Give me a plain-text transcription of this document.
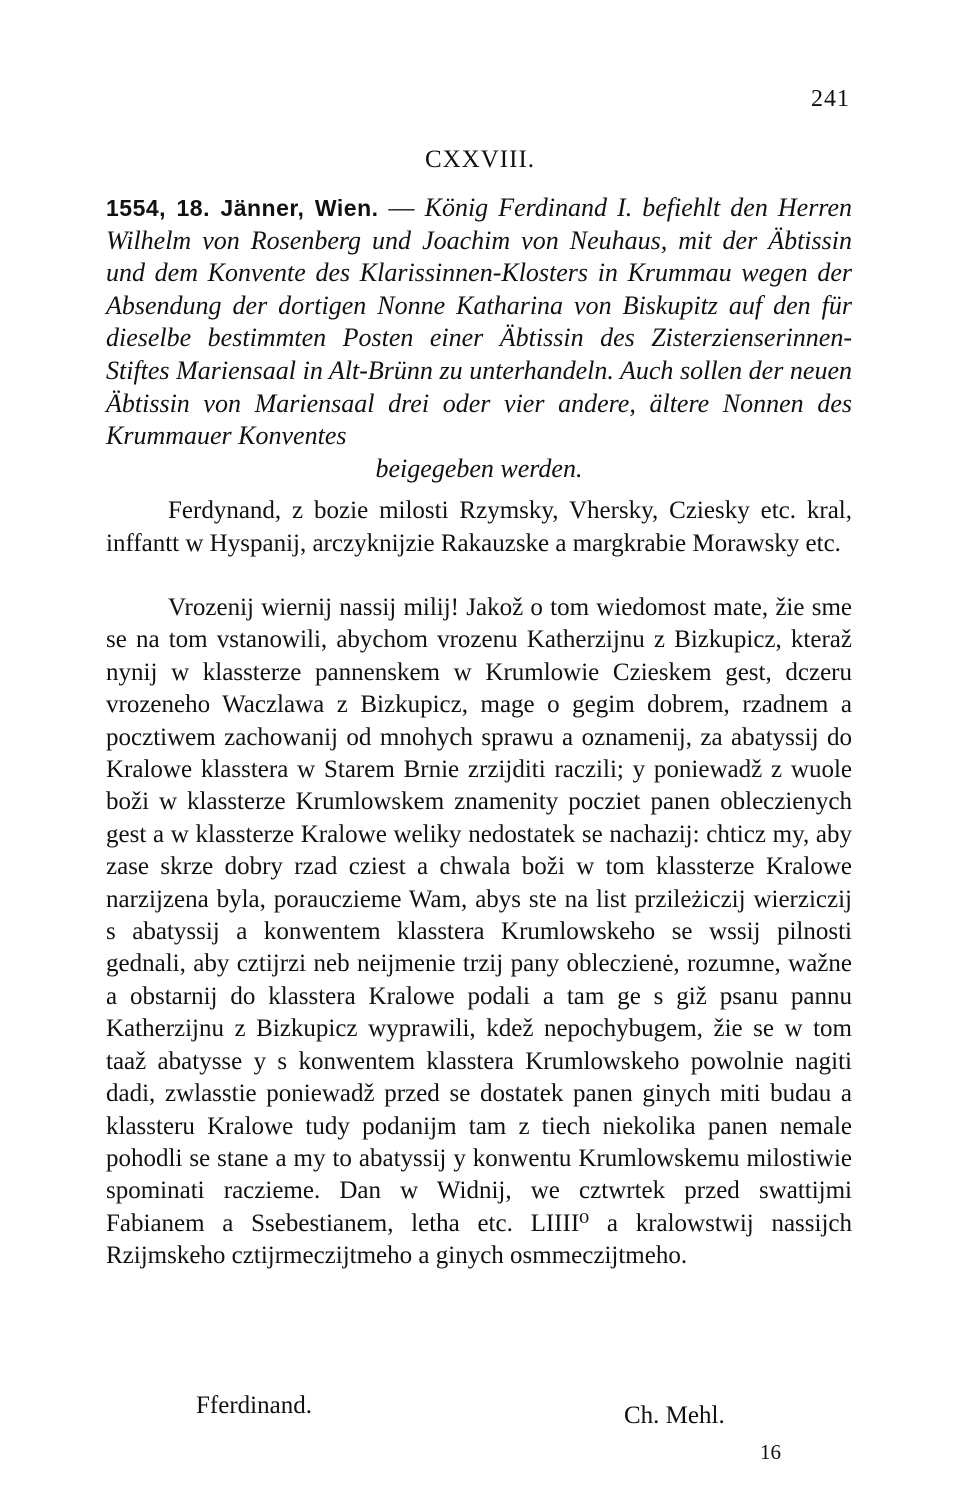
241
CXXVIII.
1554, 18. Jänner, Wien. — König Ferdinand I. befiehlt den Herren Wilhelm von Rosenberg und Joachim von Neuhaus, mit der Äbtissin und dem Konvente des Klarissinnen-Klosters in Krummau wegen der Absendung der dortigen Nonne Katharina von Biskupitz auf den für dieselbe bestimmten Posten einer Äbtissin des Zisterzienserinnen-Stiftes Mariensaal in Alt-Brünn zu unterhandeln. Auch sollen der neuen Äbtissin von Mariensaal drei oder vier andere, ältere Nonnen des Krummauer Konventes
beigegeben werden.
Ferdynand, z bozie milosti Rzymsky, Vhersky, Cziesky etc. kral, inffantt w Hyspanij, arczyknijzie Rakauzske a margkrabie Morawsky etc.
Vrozenij wiernij nassij milij! Jakož o tom wiedomost mate, žie sme se na tom vstanowili, abychom vrozenu Katherzijnu z Bizkupicz, kteraž nynij w klassterze pannenskem w Krumlowie Czieskem gest, dczeru vrozeneho Waczlawa z Bizkupicz, mage o gegim dobrem, rzadnem a pocztiwem zachowanij od mnohych sprawu a oznamenij, za abatyssij do Kralowe klasstera w Starem Brnie zrzijditi raczili; y poniewadž z wuole boži w klassterze Krumlowskem znamenity pocziet panen obleczienych gest a w klassterze Kralowe weliky nedostatek se nachazij: chticz my, aby zase skrze dobry rzad cziest a chwala boži w tom klassterze Kralowe narzijzena byla, porauczieme Wam, abys ste na list przileżiczij wierziczij s abatyssij a konwentem klasstera Krumlowskeho se wssij pilnosti gednali, aby cztijrzi neb neijmenie trzij pany obleczienė, rozumne, wažne a obstarnij do klasstera Kralowe podali a tam ge s giž psanu pannu Katherzijnu z Bizkupicz wyprawili, kdež nepochybugem, žie se w tom taaž abatysse y s konwentem klasstera Krumlowskeho powolnie nagiti dadi, zwlasstie poniewadž przed se dostatek panen ginych miti budau a klassteru Kralowe tudy podanijm tam z tiech niekolika panen nemale pohodli se stane a my to abatyssij y konwentu Krumlowskemu milostiwie spominati raczieme. Dan w Widnij, we cztwrtek przed swattijmi Fabianem a Ssebestianem, letha etc. LIIII⁰ a kralowstwij nassijch Rzijmskeho cztijrmeczijtmeho a ginych osmmeczijtmeho.
Fferdinand.	Ch. Mehl.
16
